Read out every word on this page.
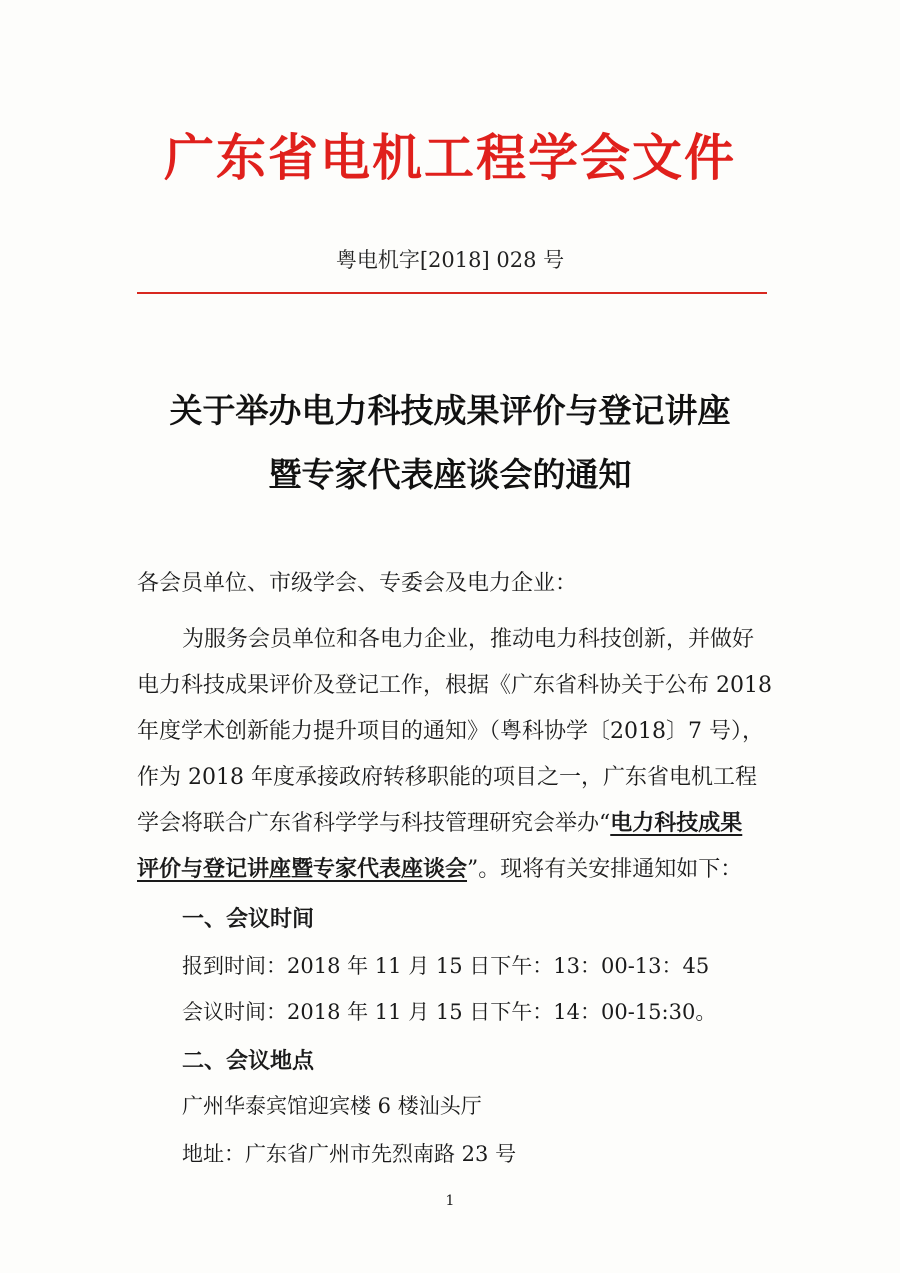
广东省电机工程学会文件
粤电机字[2018] 028 号
关于举办电力科技成果评价与登记讲座
暨专家代表座谈会的通知
各会员单位、市级学会、专委会及电力企业：
为服务会员单位和各电力企业，推动电力科技创新，并做好
电力科技成果评价及登记工作，根据《广东省科协关于公布 2018
年度学术创新能力提升项目的通知》（粤科协学〔2018〕7 号），
作为 2018 年度承接政府转移职能的项目之一，广东省电机工程
学会将联合广东省科学学与科技管理研究会举办“电力科技成果
评价与登记讲座暨专家代表座谈会”。现将有关安排通知如下：
一、会议时间
报到时间：2018 年 11 月 15 日下午：13：00-13：45
会议时间：2018 年 11 月 15 日下午：14：00-15:30。
二、会议地点
广州华泰宾馆迎宾楼 6 楼汕头厅
地址：广东省广州市先烈南路 23 号
1
